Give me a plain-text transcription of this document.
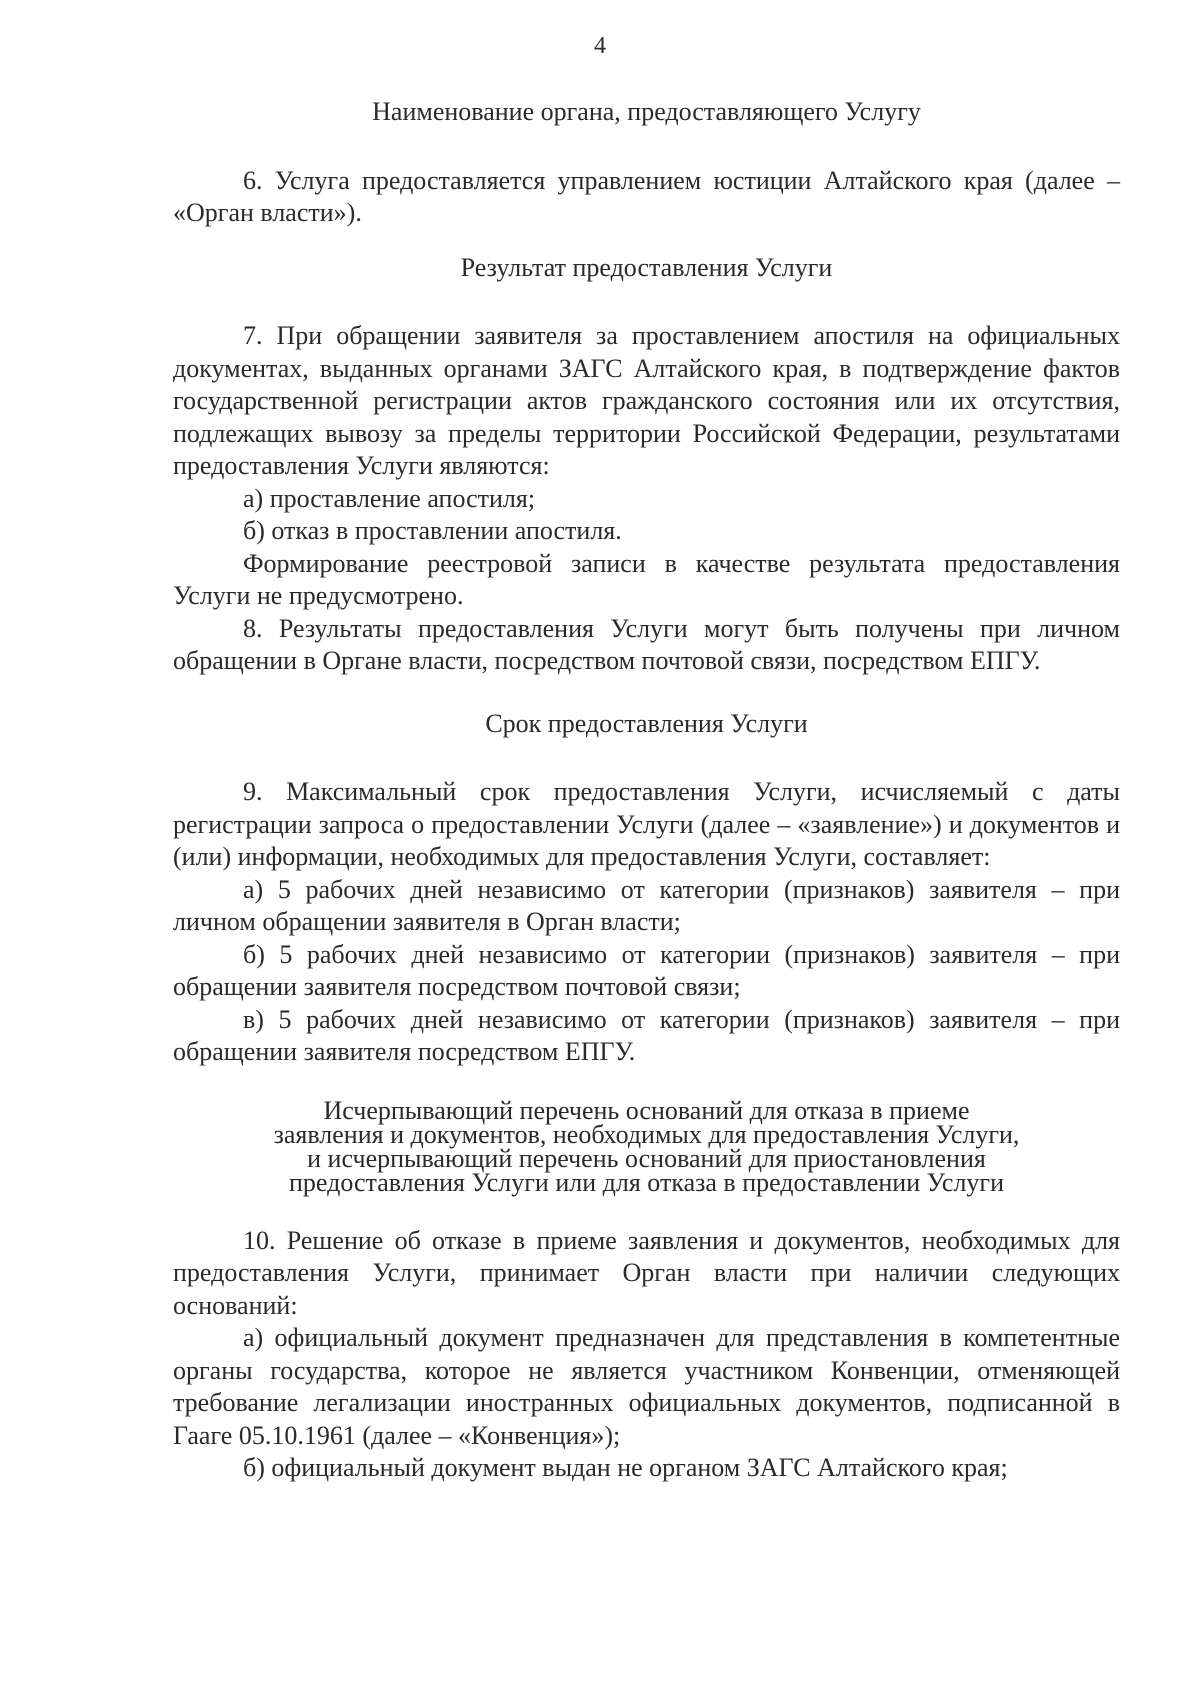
4
Наименование органа, предоставляющего Услугу

6. Услуга предоставляется управлением юстиции Алтайского края (далее – «Орган власти»).

Результат предоставления Услуги

7. При обращении заявителя за проставлением апостиля на официальных документах, выданных органами ЗАГС Алтайского края, в подтверждение фактов государственной регистрации актов гражданского состояния или их отсутствия, подлежащих вывозу за пределы территории Российской Федерации, результатами предоставления Услуги являются:

а) проставление апостиля;

б) отказ в проставлении апостиля.

Формирование реестровой записи в качестве результата предоставления Услуги не предусмотрено.

8. Результаты предоставления Услуги могут быть получены при личном обращении в Органе власти, посредством почтовой связи, посредством ЕПГУ.

Срок предоставления Услуги

9. Максимальный срок предоставления Услуги, исчисляемый с даты регистрации запроса о предоставлении Услуги (далее – «заявление») и документов и (или) информации, необходимых для предоставления Услуги, составляет:

а) 5 рабочих дней независимо от категории (признаков) заявителя – при личном обращении заявителя в Орган власти;

б) 5 рабочих дней независимо от категории (признаков) заявителя – при обращении заявителя посредством почтовой связи;

в) 5 рабочих дней независимо от категории (признаков) заявителя – при обращении заявителя посредством ЕПГУ.

Исчерпывающий перечень оснований для отказа в приеме
заявления и документов, необходимых для предоставления Услуги,
и исчерпывающий перечень оснований для приостановления
предоставления Услуги или для отказа в предоставлении Услуги

10. Решение об отказе в приеме заявления и документов, необходимых для предоставления Услуги, принимает Орган власти при наличии следующих оснований:

а) официальный документ предназначен для представления в компетентные органы государства, которое не является участником Конвенции, отменяющей требование легализации иностранных официальных документов, подписанной в Гааге 05.10.1961 (далее – «Конвенция»);

б) официальный документ выдан не органом ЗАГС Алтайского края;
